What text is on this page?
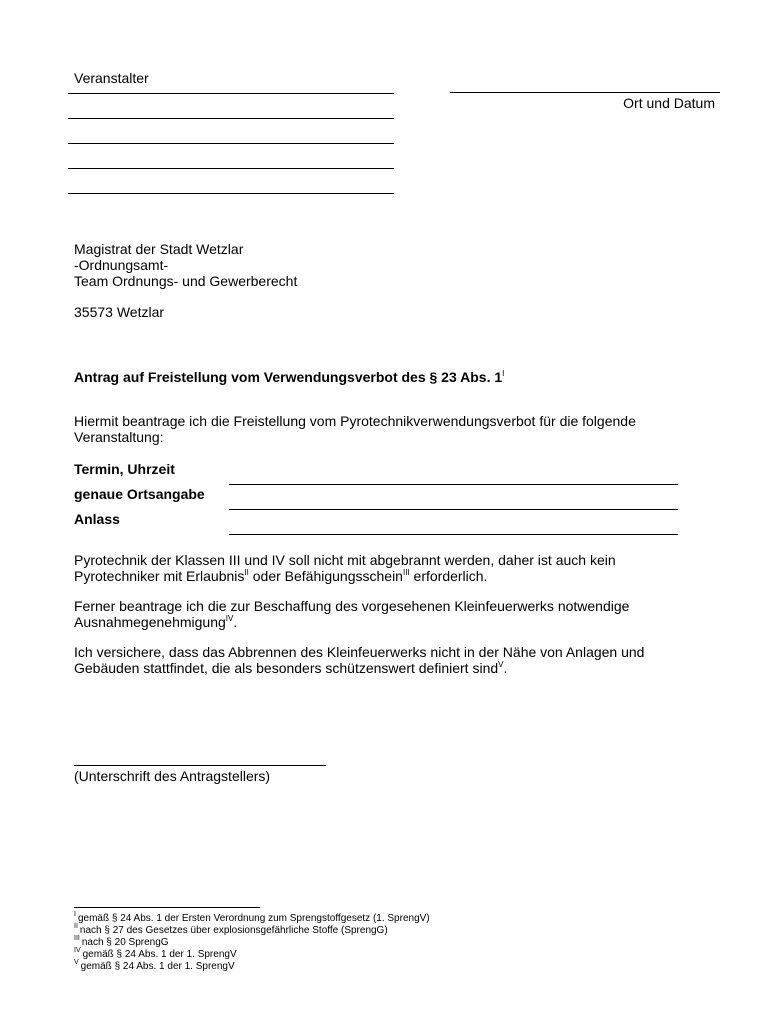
Veranstalter
Ort und Datum
Magistrat der Stadt Wetzlar
-Ordnungsamt-
Team Ordnungs- und Gewerberecht
35573 Wetzlar
Antrag auf Freistellung vom Verwendungsverbot des § 23 Abs. $1^I$
Hiermit beantrage ich die Freistellung vom Pyrotechnikverwendungsverbot für die folgende
Veranstaltung:
Termin, Uhrzeit
genaue Ortsangabe
Anlass
Pyrotechnik der Klassen III und IV soll nicht mit abgebrannt werden, daher ist auch kein
Pyrotechniker mit Erlaubnis$^{II}$ oder Befähigungsschein$^{III}$ erforderlich.
Ferner beantrage ich die zur Beschaffung des vorgesehenen Kleinfeuerwerks notwendige
Ausnahmegenehmigung$^{IV}$.
Ich versichere, dass das Abbrennen des Kleinfeuerwerks nicht in der Nähe von Anlagen und
Gebäuden stattfindet, die als besonders schützenswert definiert sind$^V$.
(Unterschrift des Antragstellers)
$^I$ gemäß § 24 Abs. 1 der Ersten Verordnung zum Sprengstoffgesetz (1. SprengV)
$^{II}$ nach § 27 des Gesetzes über explosionsgefährliche Stoffe (SprengG)
$^{III}$ nach § 20 SprengG
$^{IV}$ gemäß § 24 Abs. 1 der 1. SprengV
$^V$ gemäß § 24 Abs. 1 der 1. SprengV
